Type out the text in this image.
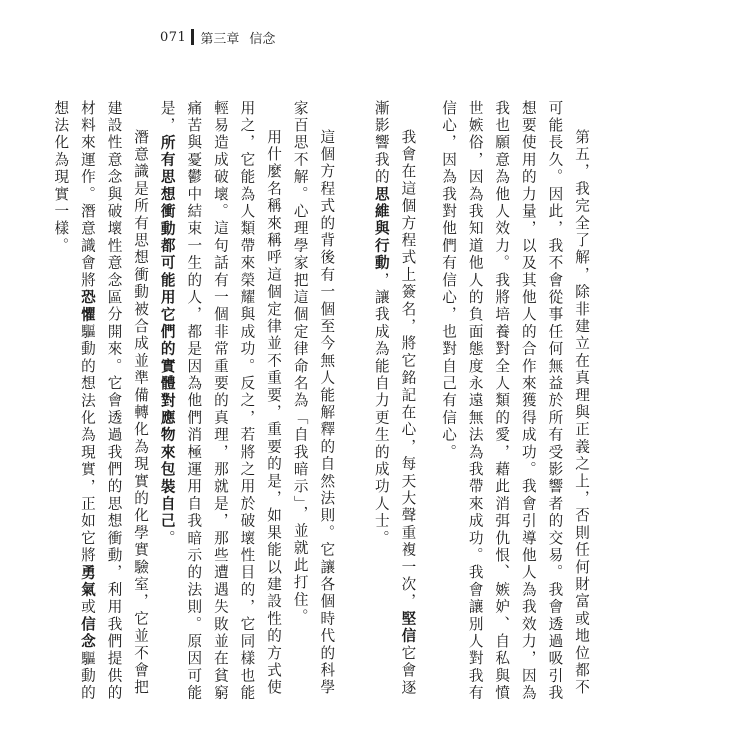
071 第三章 信念

第五，我完全了解，除非建立在真理與正義之上，否則任何財富或地位都不可能長久。因此，我不會從事任何無益於所有受影響者的交易。我會透過吸引我想要使用的力量，以及其他人的合作來獲得成功。我會引導他人為我效力，因為我也願意為他人效力。我將培養對全人類的愛，藉此消弭仇恨、嫉妒、自私與憤世嫉俗，因為我知道他人的負面態度永遠無法為我帶來成功。我會讓別人對我有信心，因為我對他們有信心，也對自己有信心。

我會在這個方程式上簽名，將它銘記在心，每天大聲重複一次，堅信它會逐漸影響我的思維與行動，讓我成為能自力更生的成功人士。

這個方程式的背後有一個至今無人能解釋的自然法則。它讓各個時代的科學家百思不解。心理學家把這個定律命名為「自我暗示」，並就此打住。

用什麼名稱來稱呼這個定律並不重要，重要的是，如果能以建設性的方式使用之，它能為人類帶來榮耀與成功。反之，若將之用於破壞性目的，它同樣也能輕易造成破壞。這句話有一個非常重要的真理，那就是，那些遭遇失敗並在貧窮痛苦與憂鬱中結束一生的人，都是因為他們消極運用自我暗示的法則。原因可能是，所有思想衝動都可能用它們的實體對應物來包裝自己。

潛意識是所有思想衝動被合成並準備轉化為現實的化學實驗室，它並不會把建設性意念與破壞性意念區分開來。它會透過我們的思想衝動，利用我們提供的材料來運作。潛意識會將恐懼驅動的想法化為現實，正如它將勇氣或信念驅動的想法化為現實一樣。
